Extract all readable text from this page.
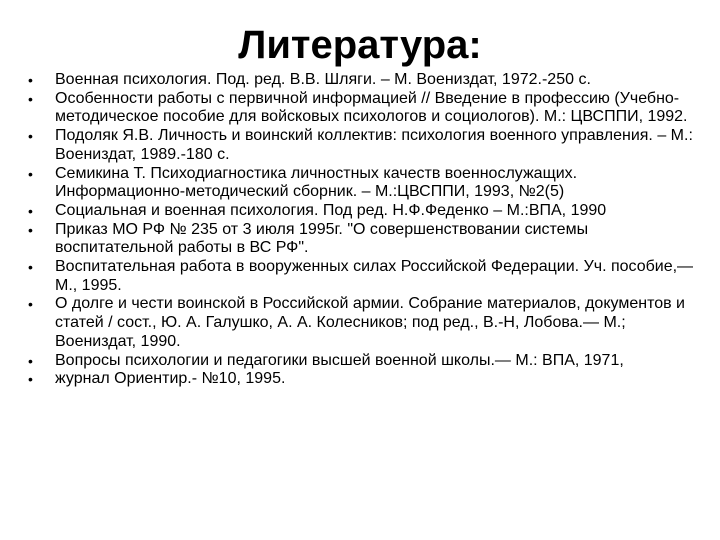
Литература:
•	Военная психология. Под. ред. В.В. Шляги. – М. Воениздат, 1972.-250 с.
•	Особенности работы с первичной информацией // Введение в профессию (Учебно-методическое пособие для войсковых психологов и социологов). М.: ЦВСППИ, 1992.
•	Подоляк Я.В. Личность и воинский коллектив: психология военного управления. – М.: Воениздат, 1989.-180 с.
•	Семикина Т. Психодиагностика личностных качеств военнослужащих. Информационно-методический сборник. – М.:ЦВСППИ, 1993, №2(5)
•	Социальная и военная психология. Под ред. Н.Ф.Феденко – М.:ВПА, 1990
•	Приказ МО РФ № 235 от 3 июля 1995г. "О совершенствовании системы воспитательной работы в ВС РФ".
•	Воспитательная работа в вооруженных силах Российской Федерации. Уч. пособие,— М., 1995.
•	О долге и чести воинской в Российской армии. Собрание материалов, документов и статей / сост., Ю. А. Галушко, А. А. Колесников; под ред., В.-Н, Лобова.— М.; Воениздат, 1990.
•	Вопросы психологии и педагогики высшей военной школы.— М.: ВПА, 1971,
•	журнал Ориентир.- №10, 1995.
